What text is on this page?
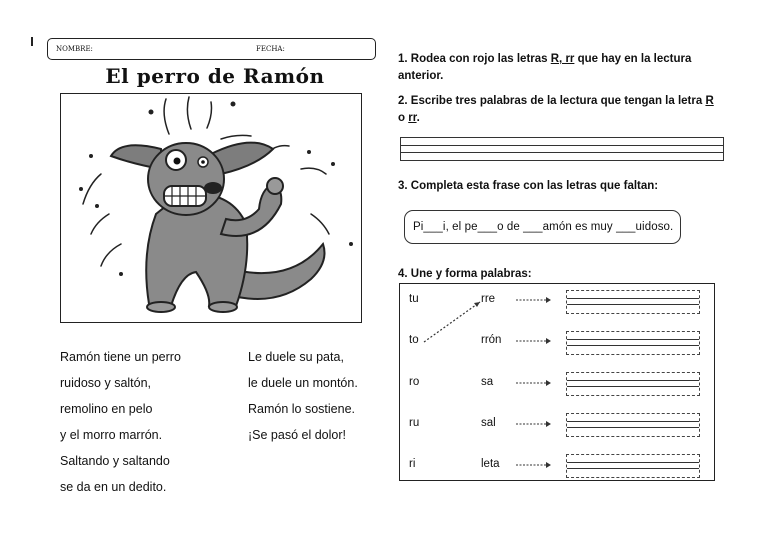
NOMBRE:	FECHA:
El perro de Ramón
Ramón tiene un perro
ruidoso y saltón,
remolino en pelo
y el morro marrón.
Saltando y saltando
se da en un dedito.
Le duele su pata,
le duele un montón.
Ramón lo sostiene.
¡Se pasó el dolor!
1. Rodea con rojo las letras R, rr que hay en la lectura
anterior.
2. Escribe tres palabras de la lectura que tengan la letra R
o rr.
3. Completa esta frase con las letras que faltan:
Pi___i, el pe___o de ___amón es muy ___uidoso.
4. Une y forma palabras:
tu
to
ro
ru
ri
rre
rrón
sa
sal
leta
